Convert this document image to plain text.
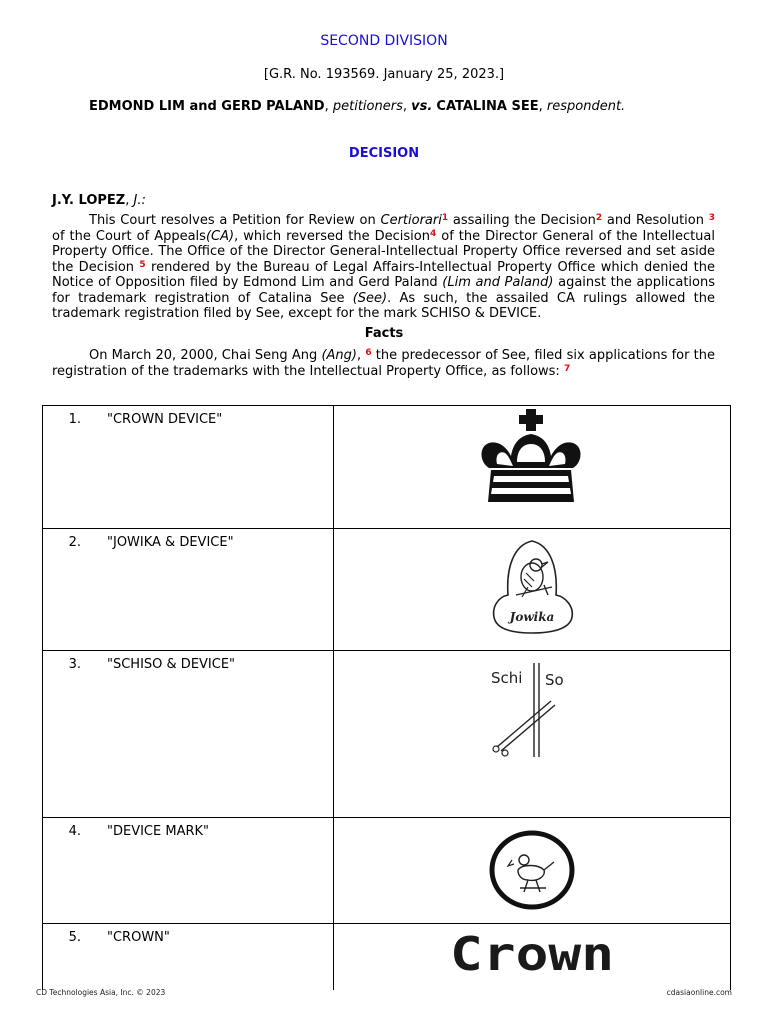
SECOND DIVISION
[G.R. No. 193569. January 25, 2023.]
EDMOND LIM and GERD PALAND, petitioners, vs. CATALINA SEE, respondent.
DECISION
J.Y. LOPEZ, J.:
This Court resolves a Petition for Review on Certiorari$^1$ assailing the Decision$^2$ and Resolution $^3$ of the Court of Appeals(CA), which reversed the Decision$^4$ of the Director General of the Intellectual Property Office. The Office of the Director General-Intellectual Property Office reversed and set aside the Decision $^5$ rendered by the Bureau of Legal Affairs-Intellectual Property Office which denied the Notice of Opposition filed by Edmond Lim and Gerd Paland (Lim and Paland) against the applications for trademark registration of Catalina See (See). As such, the assailed CA rulings allowed the trademark registration filed by See, except for the mark SCHISO & DEVICE.
Facts
On March 20, 2000, Chai Seng Ang (Ang), $^6$ the predecessor of See, filed six applications for the registration of the trademarks with the Intellectual Property Office, as follows: $^7$
1. "CROWN DEVICE"

2. "JOWIKA & DEVICE"	Jowika

3. "SCHISO & DEVICE"	Schi So

4. "DEVICE MARK"

5. "CROWN"	Crown
CD Technologies Asia, Inc. © 2023	cdasiaonline.com
